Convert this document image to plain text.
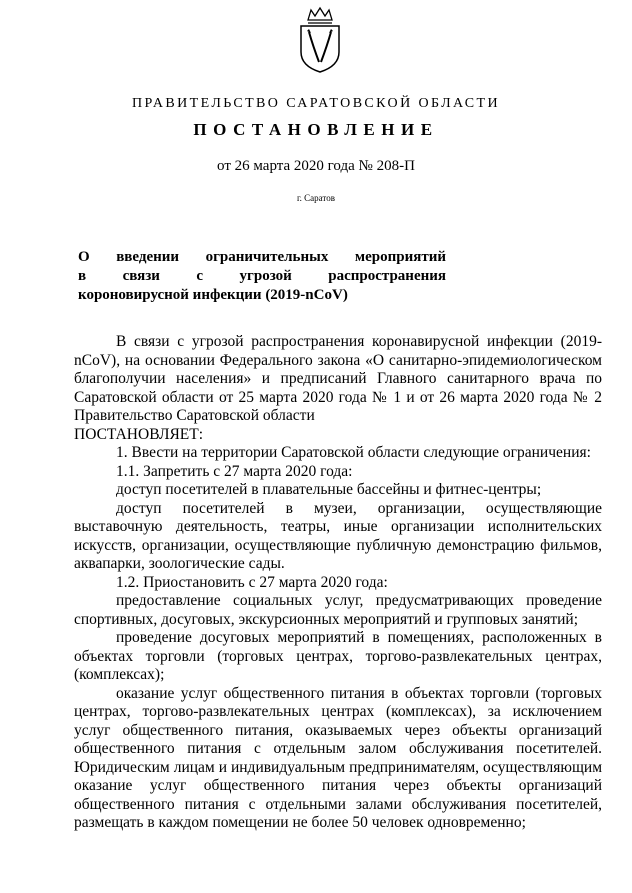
ПРАВИТЕЛЬСТВО САРАТОВСКОЙ ОБЛАСТИ
ПОСТАНОВЛЕНИЕ
от 26 марта 2020 года № 208-П
г. Саратов
О введении ограничительных мероприятий
в связи с угрозой распространения
короновирусной инфекции (2019-nCoV)

В связи с угрозой распространения коронавирусной инфекции (2019-nCoV), на основании Федерального закона «О санитарно-эпидемиологическом благополучии населения» и предписаний Главного санитарного врача по Саратовской области от 25 марта 2020 года № 1 и от 26 марта 2020 года № 2 Правительство Саратовской области

ПОСТАНОВЛЯЕТ:

1. Ввести на территории Саратовской области следующие ограничения:

1.1. Запретить с 27 марта 2020 года:

доступ посетителей в плавательные бассейны и фитнес-центры;

доступ посетителей в музеи, организации, осуществляющие выставочную деятельность, театры, иные организации исполнительских искусств, организации, осуществляющие публичную демонстрацию фильмов, аквапарки, зоологические сады.

1.2. Приостановить с 27 марта 2020 года:

предоставление социальных услуг, предусматривающих проведение спортивных, досуговых, экскурсионных мероприятий и групповых занятий;

проведение досуговых мероприятий в помещениях, расположенных в объектах торговли (торговых центрах, торгово-развлекательных центрах, (комплексах);

оказание услуг общественного питания в объектах торговли (торговых центрах, торгово-развлекательных центрах (комплексах), за исключением услуг общественного питания, оказываемых через объекты организаций общественного питания с отдельным залом обслуживания посетителей. Юридическим лицам и индивидуальным предпринимателям, осуществляющим оказание услуг общественного питания через объекты организаций общественного питания с отдельными залами обслуживания посетителей, размещать в каждом помещении не более 50 человек одновременно;
